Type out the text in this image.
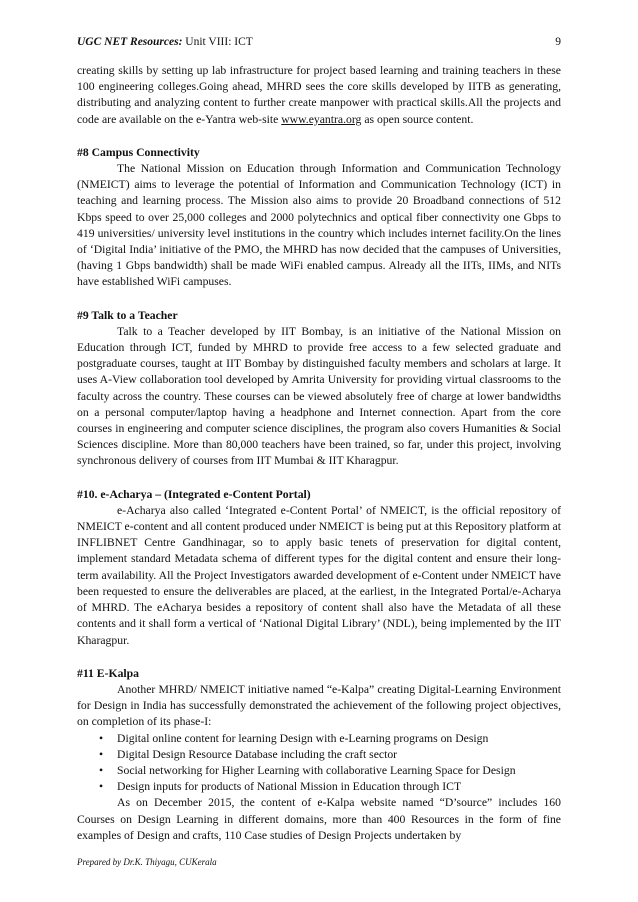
UGC NET Resources: Unit VIII: ICT	9

creating skills by setting up lab infrastructure for project based learning and training teachers in these 100 engineering colleges.Going ahead, MHRD sees the core skills developed by IITB as generating, distributing and analyzing content to further create manpower with practical skills.All the projects and code are available on the e-Yantra web-site www.eyantra.org as open source content.

#8 Campus Connectivity

The National Mission on Education through Information and Communication Technology (NMEICT) aims to leverage the potential of Information and Communication Technology (ICT) in teaching and learning process. The Mission also aims to provide 20 Broadband connections of 512 Kbps speed to over 25,000 colleges and 2000 polytechnics and optical fiber connectivity one Gbps to 419 universities/ university level institutions in the country which includes internet facility.On the lines of ‘Digital India’ initiative of the PMO, the MHRD has now decided that the campuses of Universities, (having 1 Gbps bandwidth) shall be made WiFi enabled campus. Already all the IITs, IIMs, and NITs have established WiFi campuses.

#9 Talk to a Teacher

Talk to a Teacher developed by IIT Bombay, is an initiative of the National Mission on Education through ICT, funded by MHRD to provide free access to a few selected graduate and postgraduate courses, taught at IIT Bombay by distinguished faculty members and scholars at large. It uses A-View collaboration tool developed by Amrita University for providing virtual classrooms to the faculty across the country. These courses can be viewed absolutely free of charge at lower bandwidths on a personal computer/laptop having a headphone and Internet connection. Apart from the core courses in engineering and computer science disciplines, the program also covers Humanities & Social Sciences discipline. More than 80,000 teachers have been trained, so far, under this project, involving synchronous delivery of courses from IIT Mumbai & IIT Kharagpur.

#10. e-Acharya – (Integrated e-Content Portal)

e-Acharya also called ‘Integrated e-Content Portal’ of NMEICT, is the official repository of NMEICT e-content and all content produced under NMEICT is being put at this Repository platform at INFLIBNET Centre Gandhinagar, so to apply basic tenets of preservation for digital content, implement standard Metadata schema of different types for the digital content and ensure their long-term availability. All the Project Investigators awarded development of e-Content under NMEICT have been requested to ensure the deliverables are placed, at the earliest, in the Integrated Portal/e-Acharya of MHRD. The eAcharya besides a repository of content shall also have the Metadata of all these contents and it shall form a vertical of ‘National Digital Library’ (NDL), being implemented by the IIT Kharagpur.

#11 E-Kalpa

Another MHRD/ NMEICT initiative named “e-Kalpa” creating Digital-Learning Environment for Design in India has successfully demonstrated the achievement of the following project objectives, on completion of its phase-I:

• Digital online content for learning Design with e-Learning programs on Design
• Digital Design Resource Database including the craft sector
• Social networking for Higher Learning with collaborative Learning Space for Design
• Design inputs for products of National Mission in Education through ICT

As on December 2015, the content of e-Kalpa website named “D’source” includes 160 Courses on Design Learning in different domains, more than 400 Resources in the form of fine examples of Design and crafts, 110 Case studies of Design Projects undertaken by

Prepared by Dr.K. Thiyagu, CUKerala
